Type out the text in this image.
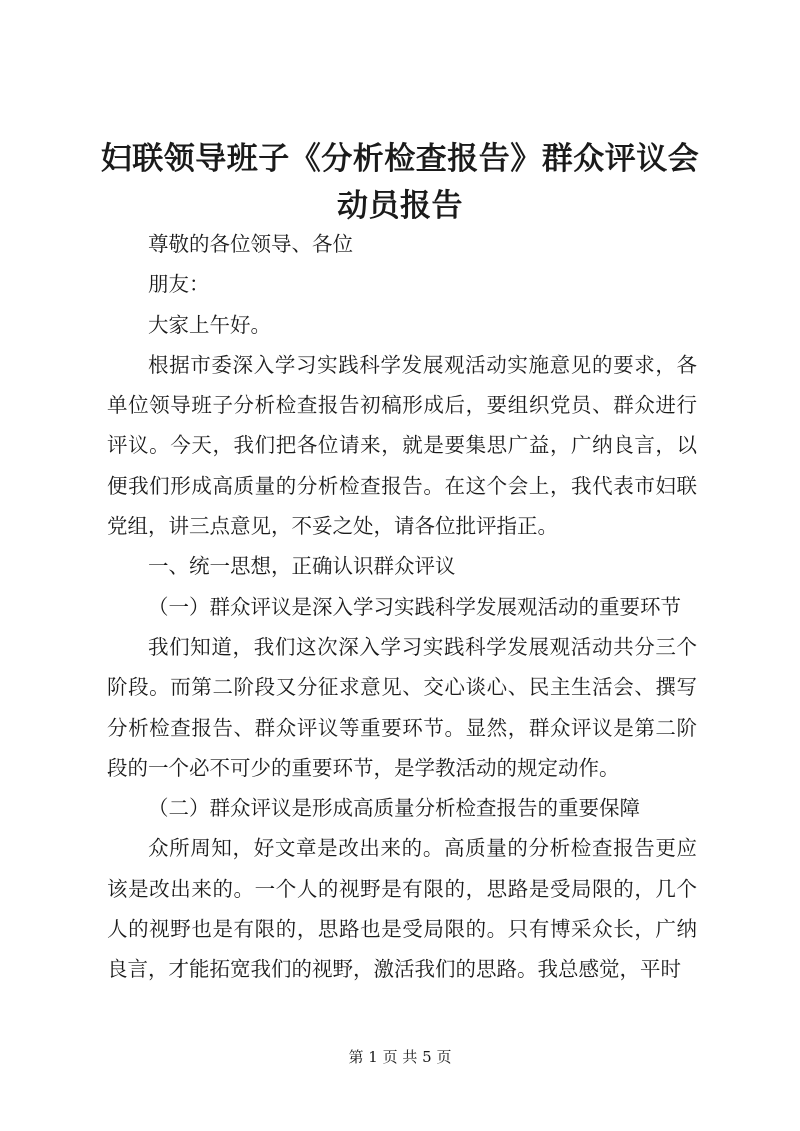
妇联领导班子《分析检查报告》群众评议会动员报告

尊敬的各位领导、各位

朋友：

大家上午好。

根据市委深入学习实践科学发展观活动实施意见的要求，各单位领导班子分析检查报告初稿形成后，要组织党员、群众进行评议。今天，我们把各位请来，就是要集思广益，广纳良言，以便我们形成高质量的分析检查报告。在这个会上，我代表市妇联党组，讲三点意见，不妥之处，请各位批评指正。

一、统一思想，正确认识群众评议

（一）群众评议是深入学习实践科学发展观活动的重要环节

我们知道，我们这次深入学习实践科学发展观活动共分三个阶段。而第二阶段又分征求意见、交心谈心、民主生活会、撰写分析检查报告、群众评议等重要环节。显然，群众评议是第二阶段的一个必不可少的重要环节，是学教活动的规定动作。

（二）群众评议是形成高质量分析检查报告的重要保障

众所周知，好文章是改出来的。高质量的分析检查报告更应该是改出来的。一个人的视野是有限的，思路是受局限的，几个人的视野也是有限的，思路也是受局限的。只有博采众长，广纳良言，才能拓宽我们的视野，激活我们的思路。我总感觉，平时

第 1 页 共 5 页
